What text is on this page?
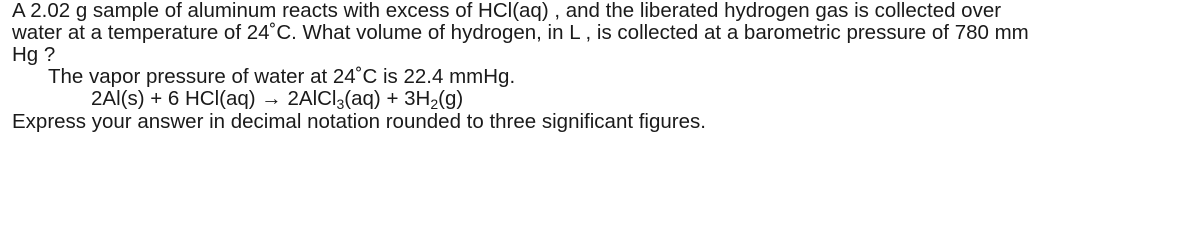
A 2.02 g sample of aluminum reacts with excess of HCl(aq) , and the liberated hydrogen gas is collected over
water at a temperature of 24˚C. What volume of hydrogen, in L , is collected at a barometric pressure of 780 mm
Hg ?
The vapor pressure of water at 24˚C is 22.4 mmHg.
2Al(s) + 6 HCl(aq) → 2AlCl$_3$(aq) + $3H_2(g)$
Express your answer in decimal notation rounded to three significant figures.
